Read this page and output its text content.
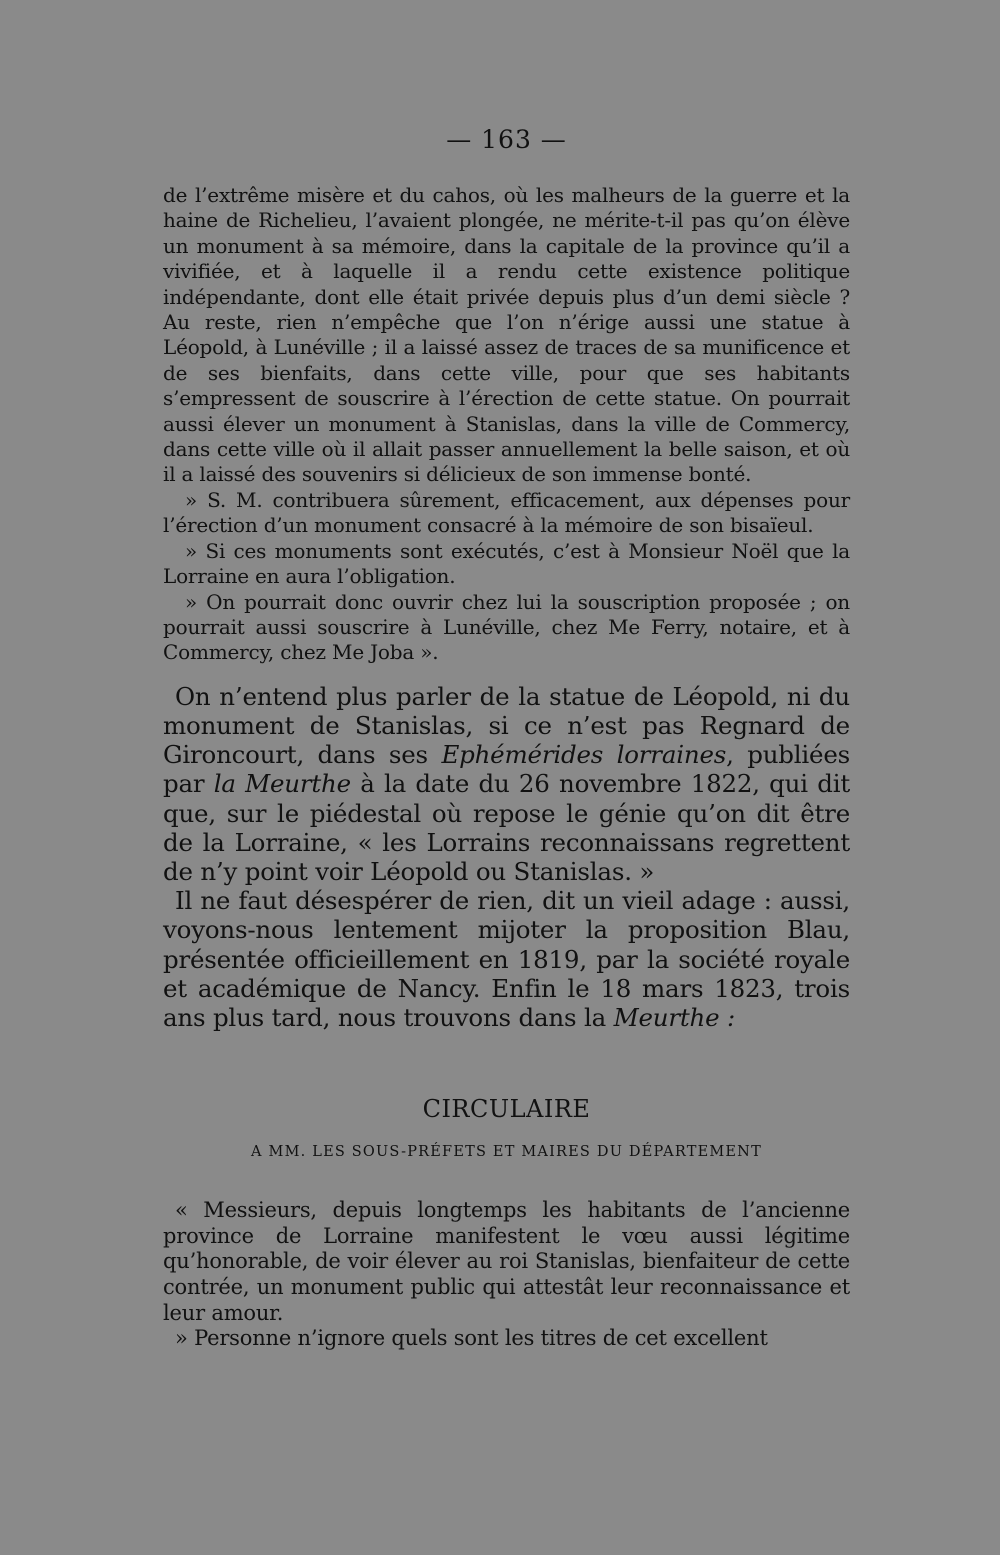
— 163 —

de l’extrême misère et du cahos, où les malheurs de la guerre et la haine de Richelieu, l’avaient plongée, ne mérite-t-il pas qu’on élève un monument à sa mémoire, dans la capitale de la province qu’il a vivifiée, et à laquelle il a rendu cette existence politique indépendante, dont elle était privée depuis plus d’un demi siècle ? Au reste, rien n’empêche que l’on n’érige aussi une statue à Léopold, à Lunéville ; il a laissé assez de traces de sa munificence et de ses bienfaits, dans cette ville, pour que ses habitants s’empressent de souscrire à l’érection de cette statue. On pourrait aussi élever un monument à Stanislas, dans la ville de Commercy, dans cette ville où il allait passer annuellement la belle saison, et où il a laissé des souvenirs si délicieux de son immense bonté.

» S. M. contribuera sûrement, efficacement, aux dépenses pour l’érection d’un monument consacré à la mémoire de son bisaïeul.

» Si ces monuments sont exécutés, c’est à Monsieur Noël que la Lorraine en aura l’obligation.

» On pourrait donc ouvrir chez lui la souscription proposée ; on pourrait aussi souscrire à Lunéville, chez Me Ferry, notaire, et à Commercy, chez Me Joba ».

On n’entend plus parler de la statue de Léopold, ni du monument de Stanislas, si ce n’est pas Regnard de Gironcourt, dans ses Ephémérides lorraines, publiées par la Meurthe à la date du 26 novembre 1822, qui dit que, sur le piédestal où repose le génie qu’on dit être de la Lorraine, « les Lorrains reconnaissans regrettent de n’y point voir Léopold ou Stanislas. »

Il ne faut désespérer de rien, dit un vieil adage : aussi, voyons-nous lentement mijoter la proposition Blau, présentée officieillement en 1819, par la société royale et académique de Nancy. Enfin le 18 mars 1823, trois ans plus tard, nous trouvons dans la Meurthe :

CIRCULAIRE
A MM. LES SOUS-PRÉFETS ET MAIRES DU DÉPARTEMENT

« Messieurs, depuis longtemps les habitants de l’ancienne province de Lorraine manifestent le vœu aussi légitime qu’honorable, de voir élever au roi Stanislas, bienfaiteur de cette contrée, un monument public qui attestât leur reconnaissance et leur amour.

» Personne n’ignore quels sont les titres de cet excellent
